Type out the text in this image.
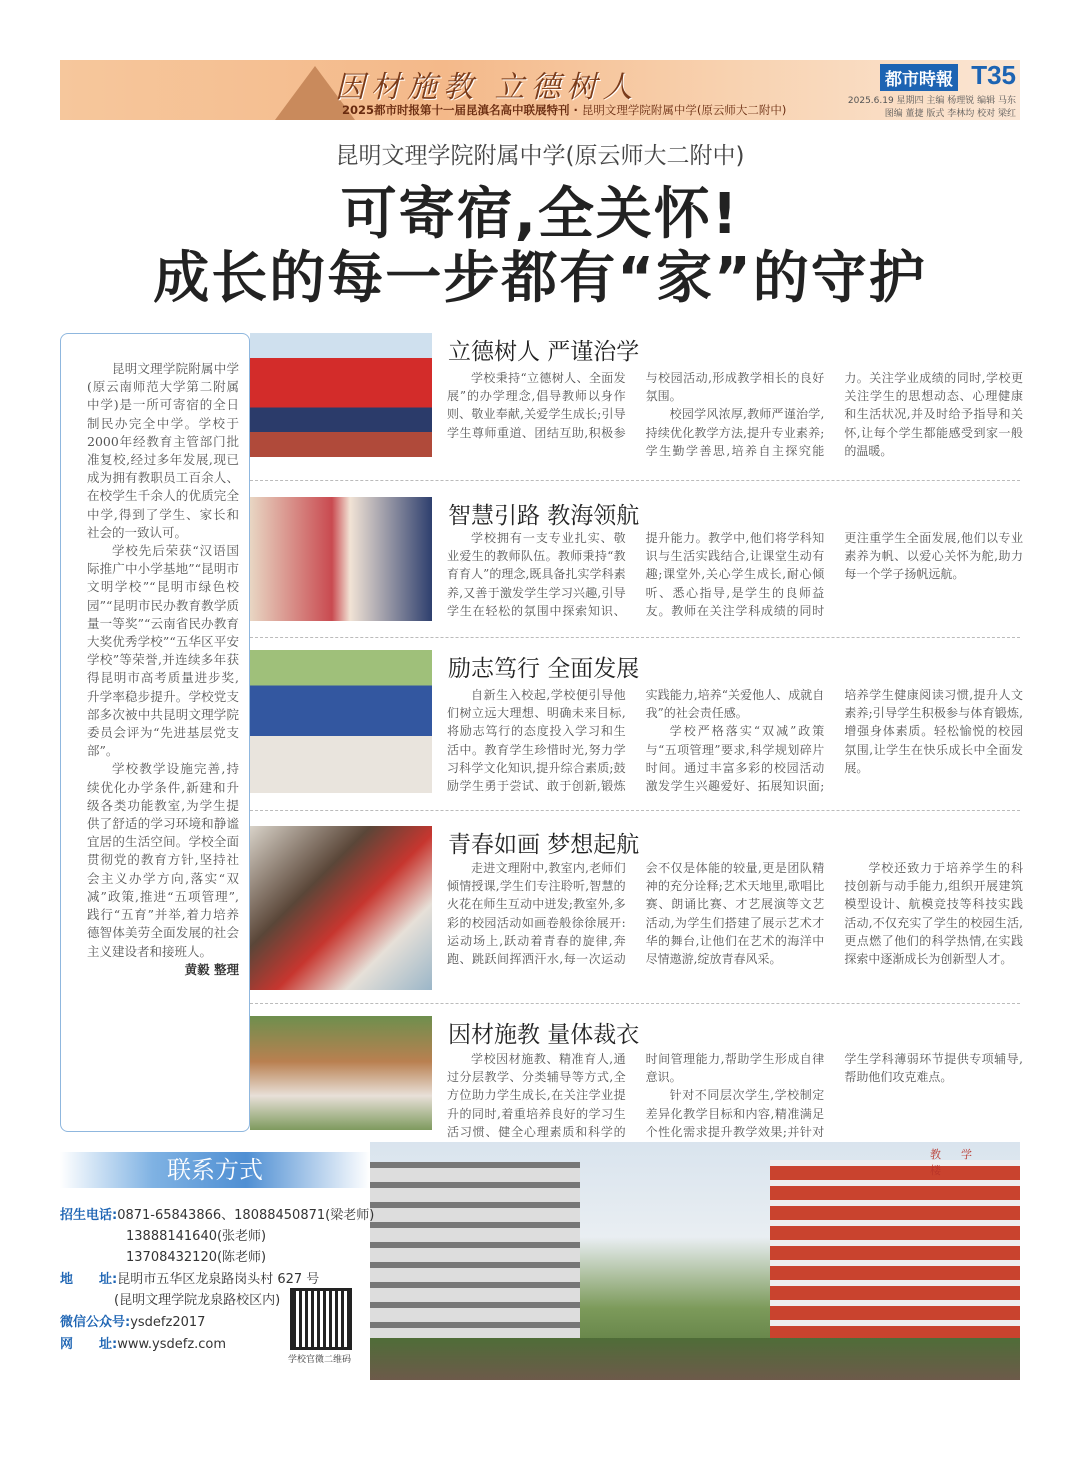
因材施教 立德树人
2025都市时报第十一届昆滇名高中联展特刊 · 昆明文理学院附属中学(原云师大二附中)
都市時報 T35
2025.6.19 星期四 主编 杨理锐 编辑 马东
图编 董捷 版式 李林均 校对 梁红
昆明文理学院附属中学(原云师大二附中)
可寄宿,全关怀!
成长的每一步都有“家”的守护

昆明文理学院附属中学(原云南师范大学第二附属中学)是一所可寄宿的全日制民办完全中学。学校于2000年经教育主管部门批准复校,经过多年发展,现已成为拥有教职员工百余人、在校学生千余人的优质完全中学,得到了学生、家长和社会的一致认可。

学校先后荣获“汉语国际推广中小学基地”“昆明市文明学校”“昆明市绿色校园”“昆明市民办教育教学质量一等奖”“云南省民办教育大奖优秀学校”“五华区平安学校”等荣誉,并连续多年获得昆明市高考质量进步奖,升学率稳步提升。学校党支部多次被中共昆明文理学院委员会评为“先进基层党支部”。

学校教学设施完善,持续优化办学条件,新建和升级各类功能教室,为学生提供了舒适的学习环境和静谧宜居的生活空间。学校全面贯彻党的教育方针,坚持社会主义办学方向,落实“双减”政策,推进“五项管理”,践行“五育”并举,着力培养德智体美劳全面发展的社会主义建设者和接班人。

黄毅 整理
立德树人 严谨治学

学校秉持“立德树人、全面发展”的办学理念,倡导教师以身作则、敬业奉献,关爱学生成长;引导学生尊师重道、团结互助,积极参与校园活动,形成教学相长的良好氛围。

校园学风浓厚,教师严谨治学,持续优化教学方法,提升专业素养;学生勤学善思,培养自主探究能力。关注学业成绩的同时,学校更关注学生的思想动态、心理健康和生活状况,并及时给予指导和关怀,让每个学生都能感受到家一般的温暖。

智慧引路 教海领航

学校拥有一支专业扎实、敬业爱生的教师队伍。教师秉持“教育育人”的理念,既具备扎实学科素养,又善于激发学生学习兴趣,引导学生在轻松的氛围中探索知识、提升能力。教学中,他们将学科知识与生活实践结合,让课堂生动有趣;课堂外,关心学生成长,耐心倾听、悉心指导,是学生的良师益友。教师在关注学科成绩的同时更注重学生全面发展,他们以专业素养为帆、以爱心关怀为舵,助力每一个学子扬帆远航。

励志笃行 全面发展

自新生入校起,学校便引导他们树立远大理想、明确未来目标,将励志笃行的态度投入学习和生活中。教育学生珍惜时光,努力学习科学文化知识,提升综合素质;鼓励学生勇于尝试、敢于创新,锻炼实践能力,培养“关爱他人、成就自我”的社会责任感。

学校严格落实“双减”政策与“五项管理”要求,科学规划碎片时间。通过丰富多彩的校园活动激发学生兴趣爱好、拓展知识面;培养学生健康阅读习惯,提升人文素养;引导学生积极参与体育锻炼,增强身体素质。轻松愉悦的校园氛围,让学生在快乐成长中全面发展。

青春如画 梦想起航

走进文理附中,教室内,老师们倾情授课,学生们专注聆听,智慧的火花在师生互动中迸发;教室外,多彩的校园活动如画卷般徐徐展开:运动场上,跃动着青春的旋律,奔跑、跳跃间挥洒汗水,每一次运动会不仅是体能的较量,更是团队精神的充分诠释;艺术天地里,歌唱比赛、朗诵比赛、才艺展演等文艺活动,为学生们搭建了展示艺术才华的舞台,让他们在艺术的海洋中尽情遨游,绽放青春风采。

学校还致力于培养学生的科技创新与动手能力,组织开展建筑模型设计、航模竞技等科技实践活动,不仅充实了学生的校园生活,更点燃了他们的科学热情,在实践探索中逐渐成长为创新型人才。

因材施教 量体裁衣

学校因材施教、精准育人,通过分层教学、分类辅导等方式,全方位助力学生成长,在关注学业提升的同时,着重培养良好的学习生活习惯、健全心理素质和科学的时间管理能力,帮助学生形成自律意识。

针对不同层次学生,学校制定差异化教学目标和内容,精准满足个性化需求提升教学效果;并针对学生学科薄弱环节提供专项辅导,帮助他们攻克难点。

教学楼
联系方式
招生电话:0871-65843866、18088450871(梁老师)
13888141640(张老师)
13708432120(陈老师)
地　　址:昆明市五华区龙泉路岗头村 627 号
(昆明文理学院龙泉路校区内)
微信公众号:ysdefz2017
网　　址:www.ysdefz.com
学校官微二维码
